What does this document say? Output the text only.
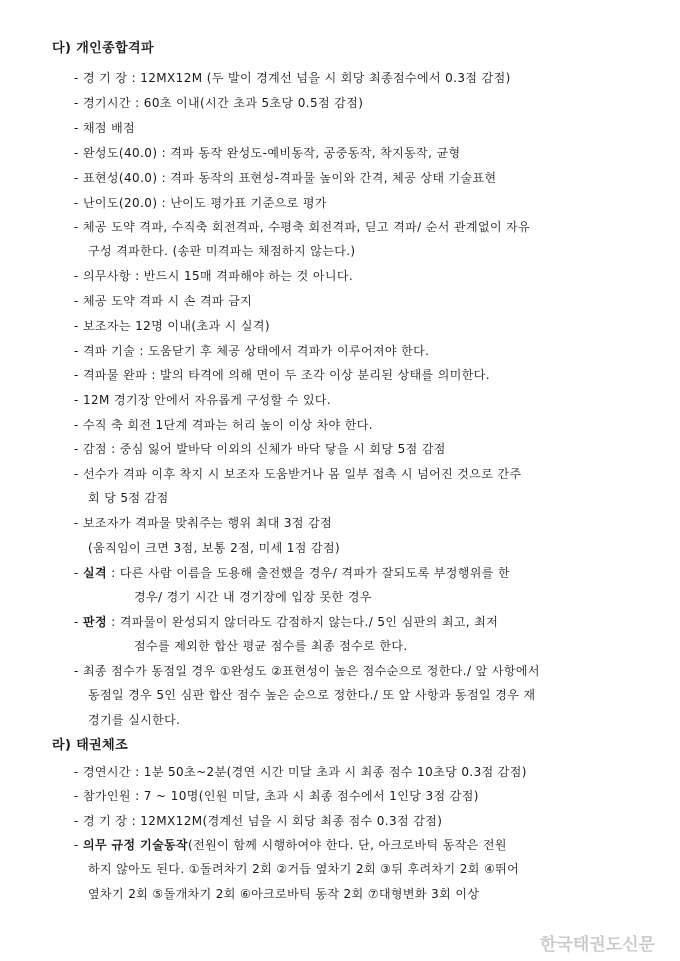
다) 개인종합격파
- 경 기 장 : 12MX12M (두 발이 경계선 넘을 시 회당 최종점수에서 0.3점 감점)
- 경기시간 : 60초 이내(시간 초과 5초당 0.5점 감점)
- 채점 배점
- 완성도(40.0) : 격파 동작 완성도-예비동작, 공중동작, 착지동작, 균형
- 표현성(40.0) : 격파 동작의 표현성-격파물 높이와 간격, 체공 상태 기술표현
- 난이도(20.0) : 난이도 평가표 기준으로 평가
- 체공 도약 격파, 수직축 회전격파, 수평축 회전격파, 딛고 격파/ 순서 관계없이 자유
구성 격파한다. (송판 미격파는 채점하지 않는다.)
- 의무사항 : 반드시 15매 격파해야 하는 것 아니다.
- 체공 도약 격파 시 손 격파 금지
- 보조자는 12명 이내(초과 시 실격)
- 격파 기술 : 도움닫기 후 체공 상태에서 격파가 이루어져야 한다.
- 격파물 완파 : 발의 타격에 의해 면이 두 조각 이상 분리된 상태를 의미한다.
- 12M 경기장 안에서 자유롭게 구성할 수 있다.
- 수직 축 회전 1단계 격파는 허리 높이 이상 차야 한다.
- 감점 : 중심 잃어 발바닥 이외의 신체가 바닥 닿을 시 회당 5점 감점
- 선수가 격파 이후 착지 시 보조자 도움받거나 몸 일부 접촉 시 넘어진 것으로 간주
회 당 5점 감점
- 보조자가 격파물 맞춰주는 행위 최대 3점 감점
(움직임이 크면 3점, 보통 2점, 미세 1점 감점)
- 실격 : 다른 사람 이름을 도용해 출전했을 경우/ 격파가 잘되도록 부정행위를 한
경우/ 경기 시간 내 경기장에 입장 못한 경우
- 판정 : 격파물이 완성되지 않더라도 감점하지 않는다./ 5인 심판의 최고, 최저
점수를 제외한 합산 평균 점수를 최종 점수로 한다.
- 최종 점수가 동점일 경우 ①완성도 ②표현성이 높은 점수순으로 정한다./ 앞 사항에서
동점일 경우 5인 심판 합산 점수 높은 순으로 정한다./ 또 앞 사항과 동점일 경우 재
경기를 실시한다.
라) 태권체조
- 경연시간 : 1분 50초~2분(경연 시간 미달 초과 시 최종 점수 10초당 0.3점 감점)
- 참가인원 : 7 ~ 10명(인원 미달, 초과 시 최종 점수에서 1인당 3점 감점)
- 경 기 장 : 12MX12M(경계선 넘을 시 회당 최종 점수 0.3점 감점)
- 의무 규정 기술동작(전원이 함께 시행하여야 한다. 단, 아크로바틱 동작은 전원
하지 않아도 된다. ①돌려차기 2회 ②거듭 옆차기 2회 ③뒤 후려차기 2회 ④뛰어
옆차기 2회 ⑤돌개차기 2회 ⑥아크로바틱 동작 2회 ⑦대형변화 3회 이상
한국태권도신문
